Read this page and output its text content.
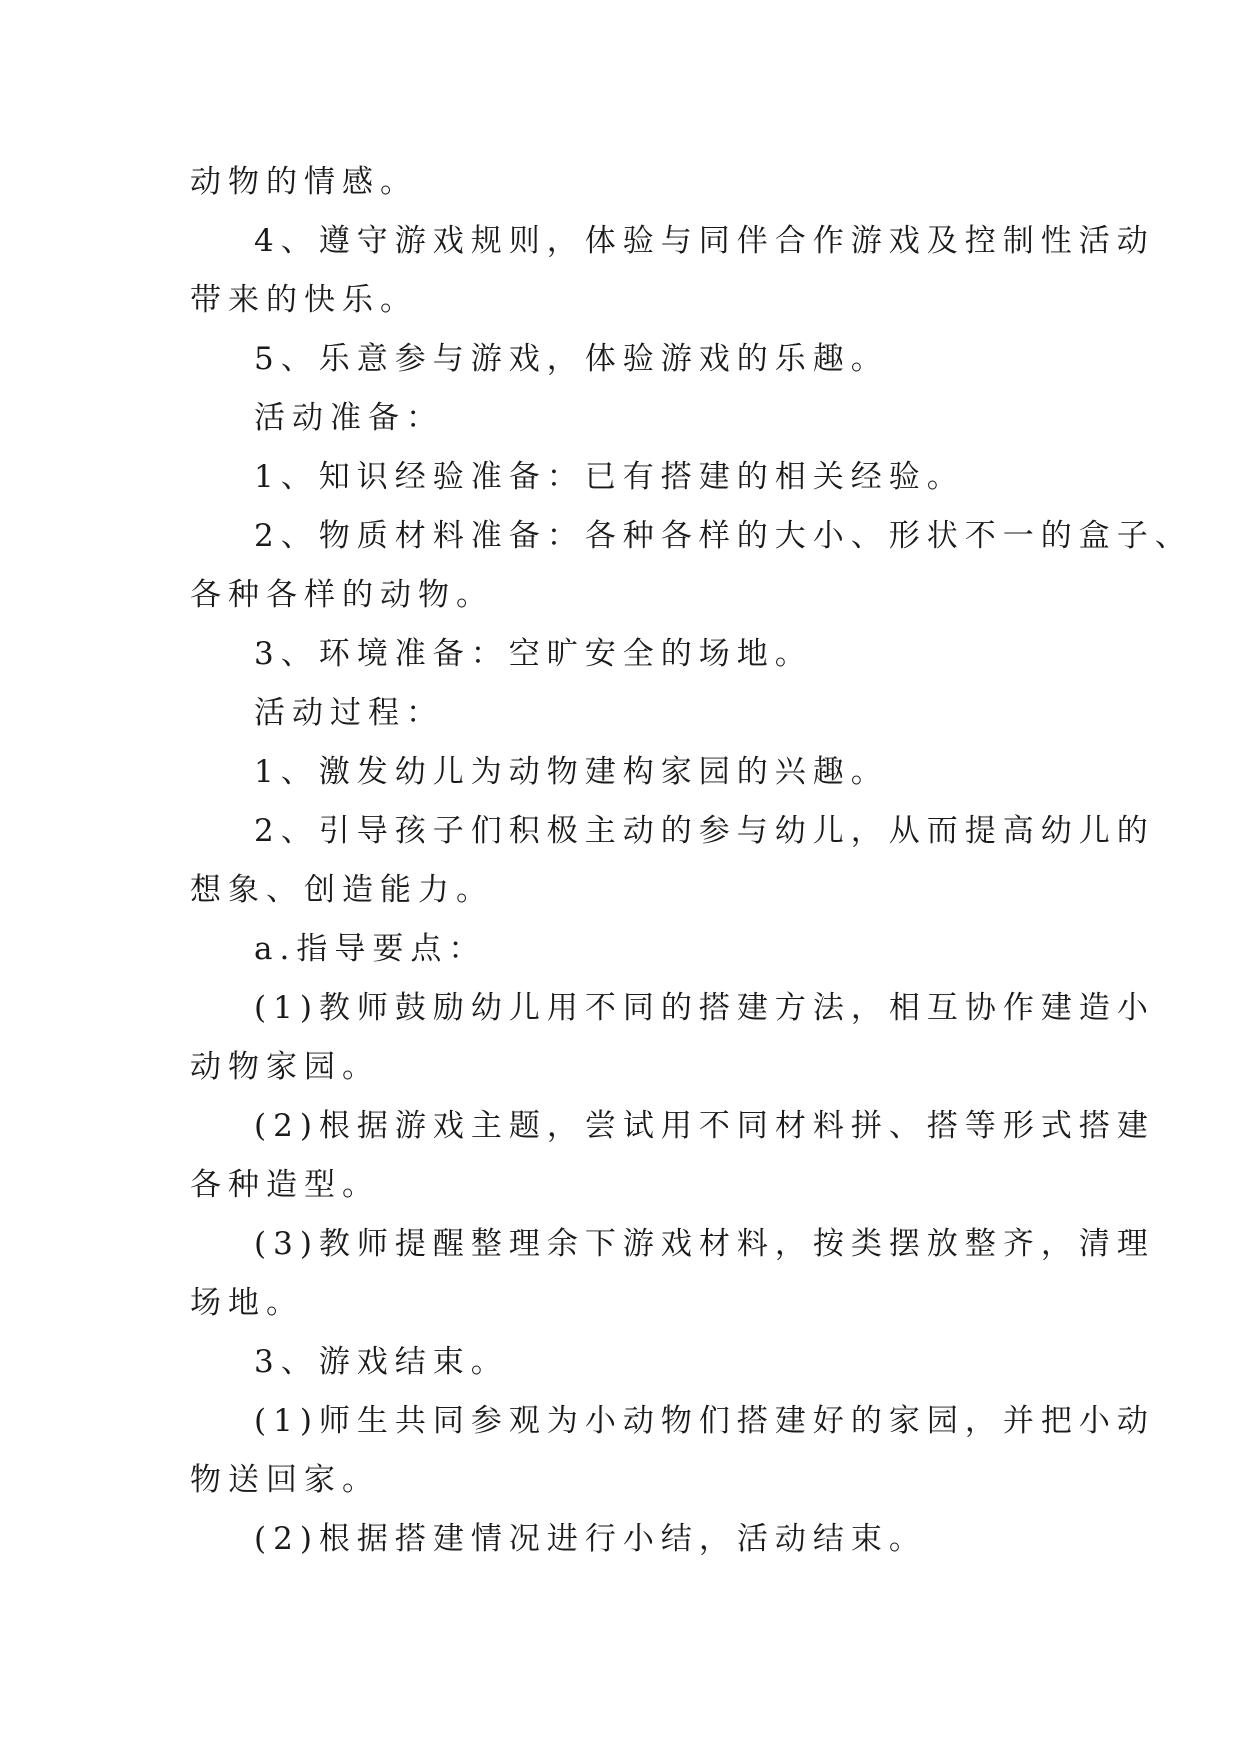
动物的情感。
4、遵守游戏规则，体验与同伴合作游戏及控制性活动
带来的快乐。
5、乐意参与游戏，体验游戏的乐趣。
活动准备：
1、知识经验准备：已有搭建的相关经验。
2、物质材料准备：各种各样的大小、形状不一的盒子、
各种各样的动物。
3、环境准备：空旷安全的场地。
活动过程：
1、激发幼儿为动物建构家园的兴趣。
2、引导孩子们积极主动的参与幼儿，从而提高幼儿的
想象、创造能力。
a.指导要点：
(1)教师鼓励幼儿用不同的搭建方法，相互协作建造小
动物家园。
(2)根据游戏主题，尝试用不同材料拼、搭等形式搭建
各种造型。
(3)教师提醒整理余下游戏材料，按类摆放整齐，清理
场地。
3、游戏结束。
(1)师生共同参观为小动物们搭建好的家园，并把小动
物送回家。
(2)根据搭建情况进行小结，活动结束。
